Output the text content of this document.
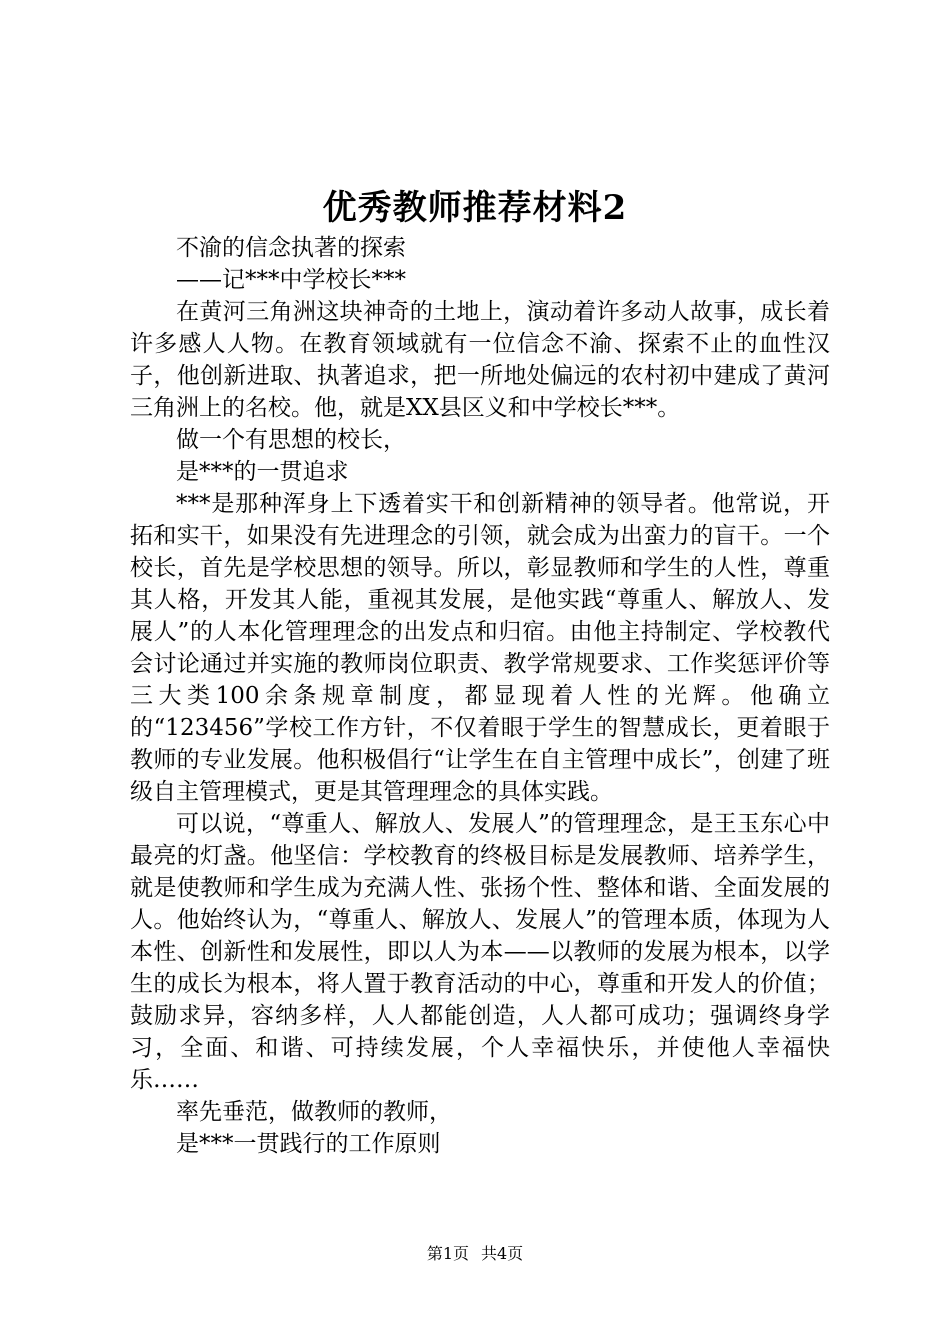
优秀教师推荐材料2

不渝的信念执著的探索

——记***中学校长***

在黄河三角洲这块神奇的土地上，演动着许多动人故事，成长着许多感人人物。在教育领域就有一位信念不渝、探索不止的血性汉子，他创新进取、执著追求，把一所地处偏远的农村初中建成了黄河三角洲上的名校。他，就是XX县区义和中学校长***。

做一个有思想的校长，

是***的一贯追求

***是那种浑身上下透着实干和创新精神的领导者。他常说，开拓和实干，如果没有先进理念的引领，就会成为出蛮力的盲干。一个校长，首先是学校思想的领导。所以，彰显教师和学生的人性，尊重其人格，开发其人能，重视其发展，是他实践“尊重人、解放人、发展人”的人本化管理理念的出发点和归宿。由他主持制定、学校教代会讨论通过并实施的教师岗位职责、教学常规要求、工作奖惩评价等三大类100余条规章制度，都显现着人性的光辉。他确立的“123456”学校工作方针，不仅着眼于学生的智慧成长，更着眼于教师的专业发展。他积极倡行“让学生在自主管理中成长”，创建了班级自主管理模式，更是其管理理念的具体实践。

可以说，“尊重人、解放人、发展人”的管理理念，是王玉东心中最亮的灯盏。他坚信：学校教育的终极目标是发展教师、培养学生，就是使教师和学生成为充满人性、张扬个性、整体和谐、全面发展的人。他始终认为，“尊重人、解放人、发展人”的管理本质，体现为人本性、创新性和发展性，即以人为本——以教师的发展为根本，以学生的成长为根本，将人置于教育活动的中心，尊重和开发人的价值；鼓励求异，容纳多样，人人都能创造，人人都可成功；强调终身学习，全面、和谐、可持续发展，个人幸福快乐，并使他人幸福快乐……

率先垂范，做教师的教师，

是***一贯践行的工作原则

第1页 共4页
